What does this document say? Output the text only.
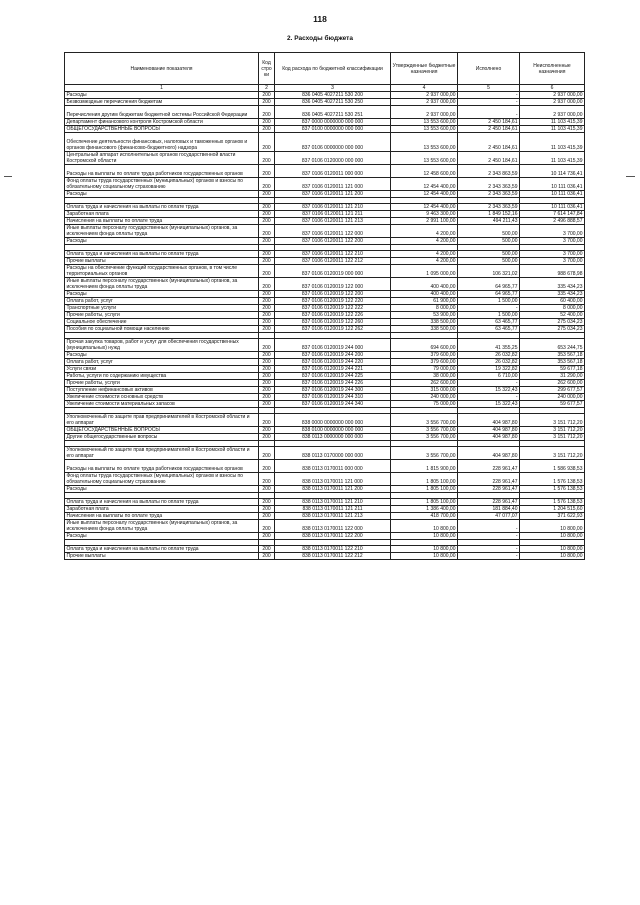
118
2. Расходы бюджета
Наименование показателя	Код строки	Код расхода по бюджетной классификации	Утвержденные бюджетные назначения	Исполнено	Неисполненные назначения
1	2	3	4	5	6
Расходы	200	836 0405 4027211 530 200	2 937 000,00	-	2 937 000,00
Безвозмездные перечисления бюджетам	200	836 0405 4027211 530 250	2 937 000,00	-	2 937 000,00
Перечисления другим бюджетам бюджетной системы Российской Федерации	200	836 0405 4027211 530 251	2 937 000,00	-	2 937 000,00
Департамент финансового контроля Костромской области	200	837 0000 0000000 000 000	13 553 600,00	2 450 184,61	11 103 415,39
ОБЩЕГОСУДАРСТВЕННЫЕ ВОПРОСЫ	200	837 0100 0000000 000 000	13 553 600,00	2 450 184,61	11 103 415,39
Обеспечение деятельности финансовых, налоговых и таможенных органов и органов финансового (финансово-бюджетного) надзора	200	837 0106 0000000 000 000	13 553 600,00	2 450 184,61	11 103 415,39
Центральный аппарат исполнительных органов государственной власти Костромской области	200	837 0106 0120000 000 000	13 553 600,00	2 450 184,61	11 103 415,39
Расходы на выплаты по оплате труда работников государственных органов	200	837 0106 0120011 000 000	12 458 600,00	2 343 863,59	10 114 736,41
Фонд оплаты труда государственных (муниципальных) органов и взносы по обязательному социальному страхованию	200	837 0106 0120011 121 000	12 454 400,00	2 343 363,59	10 111 036,41
Расходы	200	837 0106 0120011 121 200	12 454 400,00	2 343 363,59	10 111 036,41

Оплата труда и начисления на выплаты по оплате труда	200	837 0106 0120011 121 210	12 454 400,00	2 343 363,59	10 111 036,41
Заработная плата	200	837 0106 0120011 121 211	9 463 300,00	1 849 152,16	7 614 147,84
Начисления на выплаты по оплате труда	200	837 0106 0120011 121 213	2 991 100,00	494 211,43	2 496 888,57
Иные выплаты персоналу государственных (муниципальных) органов, за исключением фонда оплаты труда	200	837 0106 0120011 122 000	4 200,00	500,00	3 700,00
Расходы	200	837 0106 0120011 122 200	4 200,00	500,00	3 700,00

Оплата труда и начисления на выплаты по оплате труда	200	837 0106 0120011 122 210	4 200,00	500,00	3 700,00
Прочие выплаты	200	837 0106 0120011 122 212	4 200,00	500,00	3 700,00
Расходы на обеспечение функций государственных органов, в том числе территориальных органов	200	837 0106 0120019 000 000	1 095 000,00	106 321,02	988 678,98
Иные выплаты персоналу государственных (муниципальных) органов, за исключением фонда оплаты труда	200	837 0106 0120019 122 000	400 400,00	64 965,77	335 434,23
Расходы	200	837 0106 0120019 122 200	400 400,00	64 965,77	335 434,23
Оплата работ, услуг	200	837 0106 0120019 122 220	61 900,00	1 500,00	60 400,00
Транспортные услуги	200	837 0106 0120019 122 222	8 000,00	-	8 000,00
Прочие работы, услуги	200	837 0106 0120019 122 226	53 900,00	1 500,00	52 400,00
Социальное обеспечение	200	837 0106 0120019 122 260	338 500,00	63 465,77	275 034,23
Пособия по социальной помощи населению	200	837 0106 0120019 122 262	338 500,00	63 465,77	275 034,23

Прочая закупка товаров, работ и услуг для обеспечения государственных (муниципальных) нужд	200	837 0106 0120019 244 000	694 600,00	41 355,25	653 244,75
Расходы	200	837 0106 0120019 244 200	379 600,00	26 032,82	353 567,18
Оплата работ, услуг	200	837 0106 0120019 244 220	379 600,00	26 032,82	353 567,18
Услуги связи	200	837 0106 0120019 244 221	79 000,00	19 322,82	59 677,18
Работы, услуги по содержанию имущества	200	837 0106 0120019 244 225	38 000,00	6 710,00	31 290,00
Прочие работы, услуги	200	837 0106 0120019 244 226	262 600,00	-	262 600,00
Поступление нефинансовых активов	200	837 0106 0120019 244 300	315 000,00	15 322,43	299 677,57
Увеличение стоимости основных средств	200	837 0106 0120019 244 310	240 000,00	-	240 000,00
Увеличение стоимости материальных запасов	200	837 0106 0120019 244 340	75 000,00	15 322,43	59 677,57

Уполномоченный по защите прав предпринимателей в Костромской области и его аппарат	200	838 0000 0000000 000 000	3 556 700,00	404 987,80	3 151 712,20
ОБЩЕГОСУДАРСТВЕННЫЕ ВОПРОСЫ	200	838 0100 0000000 000 000	3 556 700,00	404 987,80	3 151 712,20
Другие общегосударственные вопросы	200	838 0113 0000000 000 000	3 556 700,00	404 987,80	3 151 712,20

Уполномоченный по защите прав предпринимателей в Костромской области и его аппарат	200	838 0113 0170000 000 000	3 556 700,00	404 987,80	3 151 712,20
Расходы на выплаты по оплате труда работников государственных органов	200	838 0113 0170011 000 000	1 815 900,00	228 961,47	1 586 938,53
Фонд оплаты труда государственных (муниципальных) органов и взносы по обязательному социальному страхованию	200	838 0113 0170011 121 000	1 805 100,00	228 961,47	1 576 138,53
Расходы	200	838 0113 0170011 121 200	1 805 100,00	228 961,47	1 576 138,53

Оплата труда и начисления на выплаты по оплате труда	200	838 0113 0170011 121 210	1 805 100,00	228 961,47	1 576 138,53
Заработная плата	200	838 0113 0170011 121 211	1 386 400,00	181 884,40	1 204 515,60
Начисления на выплаты по оплате труда	200	838 0113 0170011 121 213	418 700,00	47 077,07	371 622,93
Иные выплаты персоналу государственных (муниципальных) органов, за исключением фонда оплаты труда	200	838 0113 0170011 122 000	10 800,00	-	10 800,00
Расходы	200	838 0113 0170011 122 200	10 800,00	-	10 800,00

Оплата труда и начисления на выплаты по оплате труда	200	838 0113 0170011 122 210	10 800,00	-	10 800,00
Прочие выплаты	200	838 0113 0170011 122 212	10 800,00	-	10 800,00
